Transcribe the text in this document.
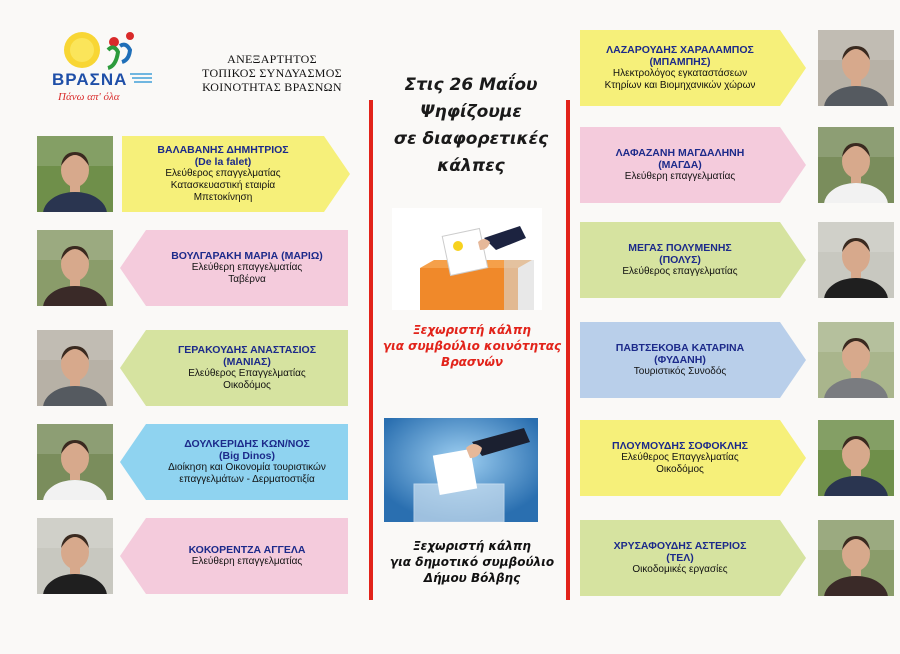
ΒΡΑΣΝΑ
Πάνω απ' όλα
ΑΝΕΞΑΡΤΗΤΟΣ
ΤΟΠΙΚΟΣ ΣΥΝΔΥΑΣΜΟΣ
ΚΟΙΝΟΤΗΤΑΣ ΒΡΑΣΝΩΝ	Στις 26 Μαΐου
Ψηφίζουμε
σε διαφορετικές
κάλπες
Ξεχωριστή κάλπη
για συμβούλιο κοινότητας
Βρασνών
Ξεχωριστή κάλπη
για δημοτικό συμβούλιο
Δήμου Βόλβης
ΒΑΛΑΒΑΝΗΣ ΔΗΜΗΤΡΙΟΣ
(De la falet)
Ελεύθερος επαγγελματίας
Κατασκευαστική εταιρία
Μπετοκίνηση
ΒΟΥΛΓΑΡΑΚΗ ΜΑΡΙΑ (ΜΑΡΙΩ)
Ελεύθερη επαγγελματίας
Ταβέρνα
ΓΕΡΑΚΟΥΔΗΣ ΑΝΑΣΤΑΣΙΟΣ
(ΜΑΝΙΑΣ)
Ελεύθερος Επαγγελματίας
Οικοδόμος
ΔΟΥΛΚΕΡΙΔΗΣ ΚΩΝ/ΝΟΣ
(Big Dinos)
Διοίκηση και Οικονομία τουριστικών
επαγγελμάτων - Δερματοστιξία
ΚΟΚΟΡΕΝΤΖΑ ΑΓΓΕΛΑ
Ελεύθερη επαγγελματίας
ΛΑΖΑΡΟΥΔΗΣ ΧΑΡΑΛΑΜΠΟΣ
(ΜΠΑΜΠΗΣ)
Ηλεκτρολόγος εγκαταστάσεων
Κτηρίων και Βιομηχανικών χώρων
ΛΑΦΑΖΑΝΗ ΜΑΓΔΑΛΗΝΗ
(ΜΑΓΔΑ)
Ελεύθερη επαγγελματίας
ΜΕΓΑΣ ΠΟΛΥΜΕΝΗΣ
(ΠΟΛΥΣ)
Ελεύθερος επαγγελματίας
ΠΑΒΤΣΕΚΟΒΑ ΚΑΤΑΡΙΝΑ
(ΦΥΔΑΝΗ)
Τουριστικός Συνοδός
ΠΛΟΥΜΟΥΔΗΣ ΣΟΦΟΚΛΗΣ
Ελεύθερος Επαγγελματίας
Οικοδόμος
ΧΡΥΣΑΦΟΥΔΗΣ ΑΣΤΕΡΙΟΣ
(ΤΕΛ)
Οικοδομικές εργασίες
